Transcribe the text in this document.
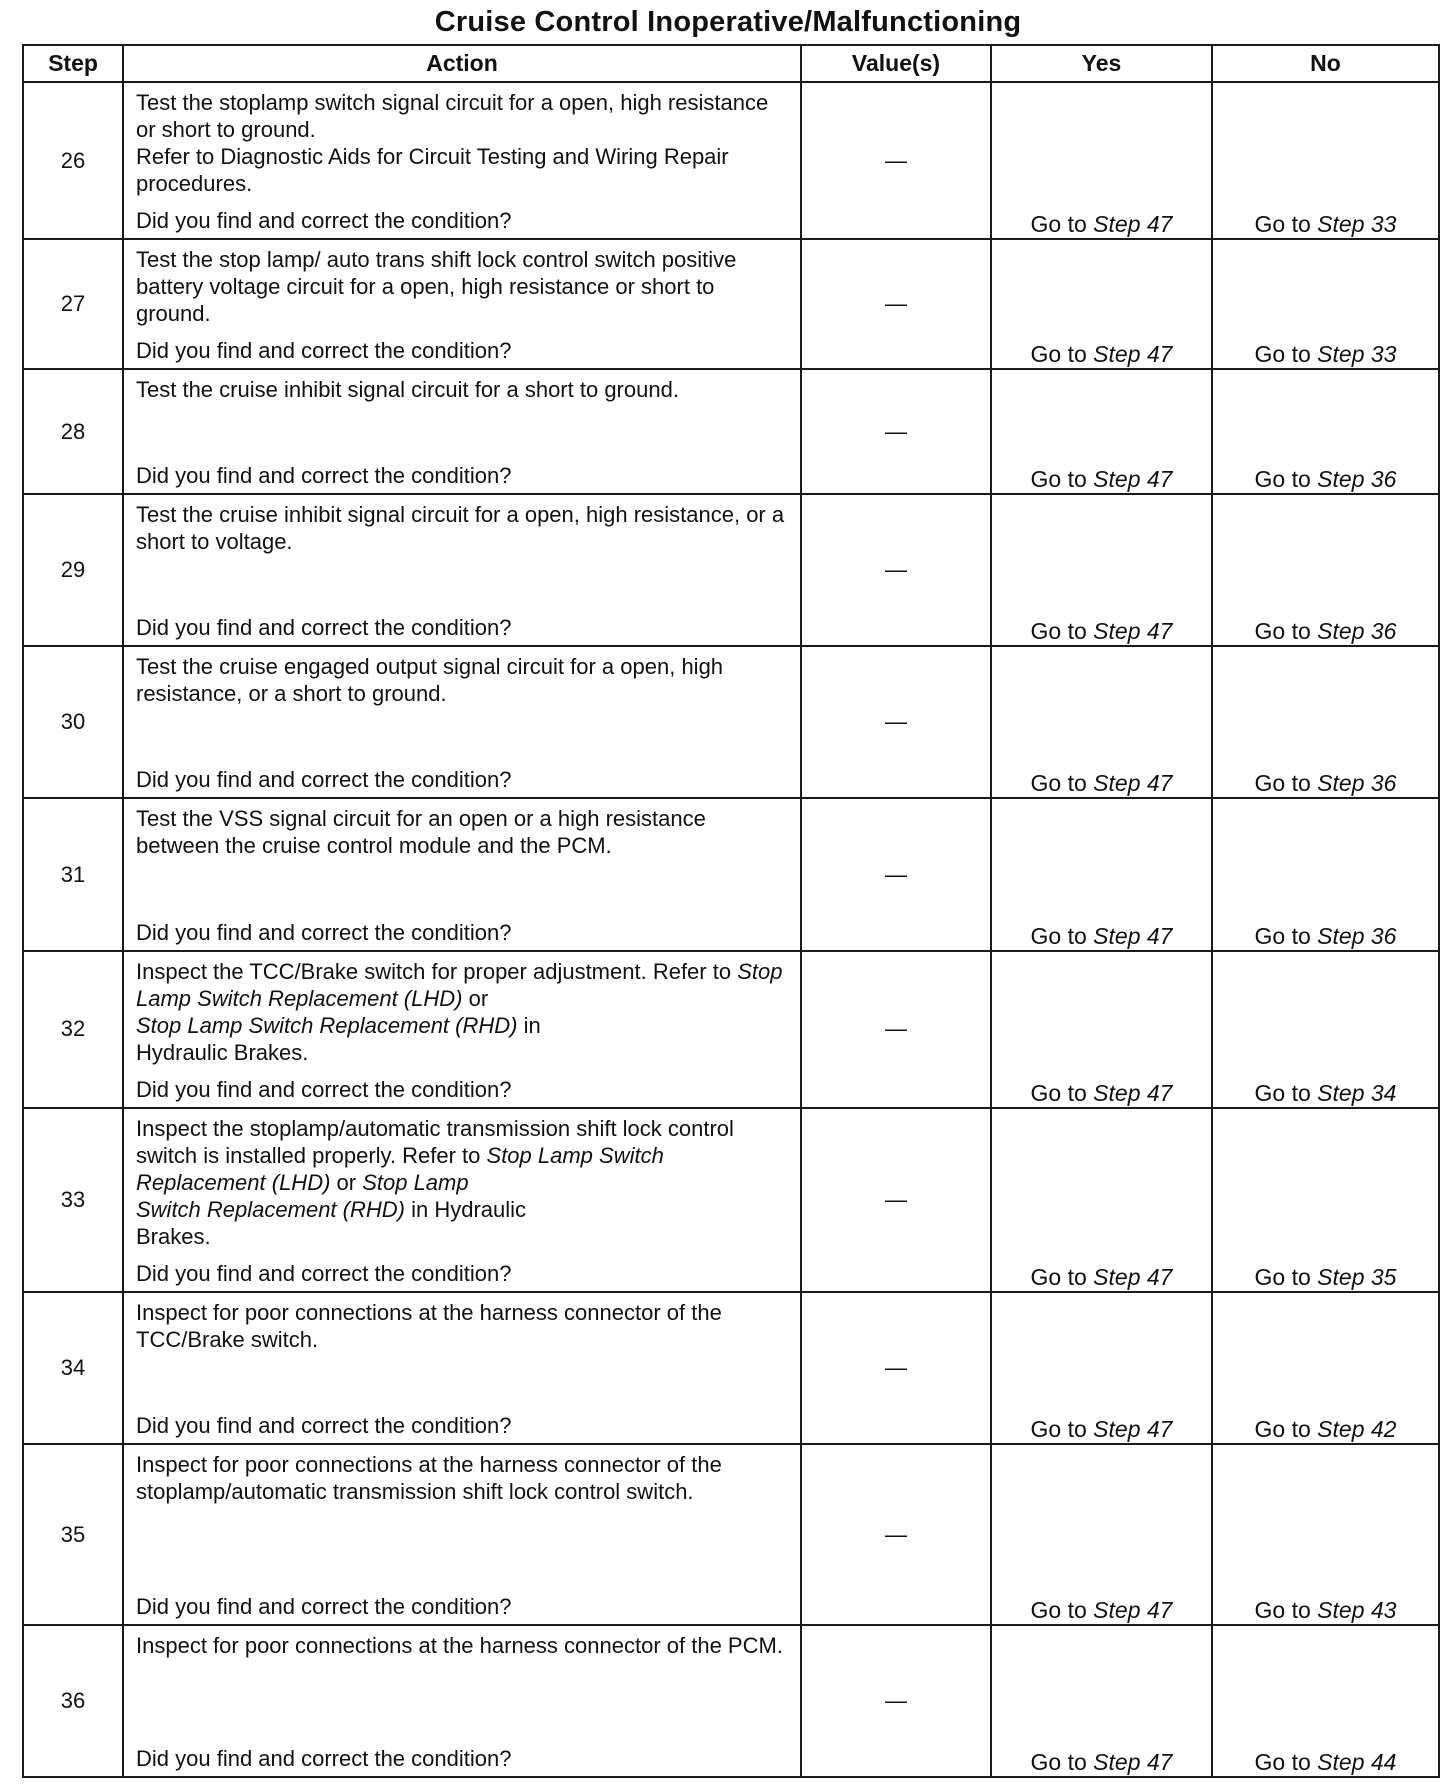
Cruise Control Inoperative/Malfunctioning
Step	Action	Value(s)	Yes	No
26	Test the stoplamp switch signal circuit for a open, high resistance or short to ground.
Refer to Diagnostic Aids for Circuit Testing and Wiring Repair procedures.
Did you find and correct the condition?	—	Go to Step 47	Go to Step 33
27	Test the stop lamp/ auto trans shift lock control switch positive battery voltage circuit for a open, high resistance or short to ground.
Did you find and correct the condition?	—	Go to Step 47	Go to Step 33
28	Test the cruise inhibit signal circuit for a short to ground.
Did you find and correct the condition?	—	Go to Step 47	Go to Step 36
29	Test the cruise inhibit signal circuit for a open, high resistance, or a short to voltage.
Did you find and correct the condition?	—	Go to Step 47	Go to Step 36
30	Test the cruise engaged output signal circuit for a open, high resistance, or a short to ground.
Did you find and correct the condition?	—	Go to Step 47	Go to Step 36
31	Test the VSS signal circuit for an open or a high resistance between the cruise control module and the PCM.
Did you find and correct the condition?	—	Go to Step 47	Go to Step 36
32	Inspect the TCC/Brake switch for proper adjustment. Refer to Stop Lamp Switch Replacement (LHD) or
Stop Lamp Switch Replacement (RHD) in
Hydraulic Brakes.
Did you find and correct the condition?	—	Go to Step 47	Go to Step 34
33	Inspect the stoplamp/automatic transmission shift lock control switch is installed properly. Refer to Stop Lamp Switch Replacement (LHD) or Stop Lamp
Switch Replacement (RHD) in Hydraulic
Brakes.
Did you find and correct the condition?	—	Go to Step 47	Go to Step 35
34	Inspect for poor connections at the harness connector of the TCC/Brake switch.
Did you find and correct the condition?	—	Go to Step 47	Go to Step 42
35	Inspect for poor connections at the harness connector of the stoplamp/automatic transmission shift lock control switch.
Did you find and correct the condition?	—	Go to Step 47	Go to Step 43
36	Inspect for poor connections at the harness connector of the PCM.
Did you find and correct the condition?	—	Go to Step 47	Go to Step 44
